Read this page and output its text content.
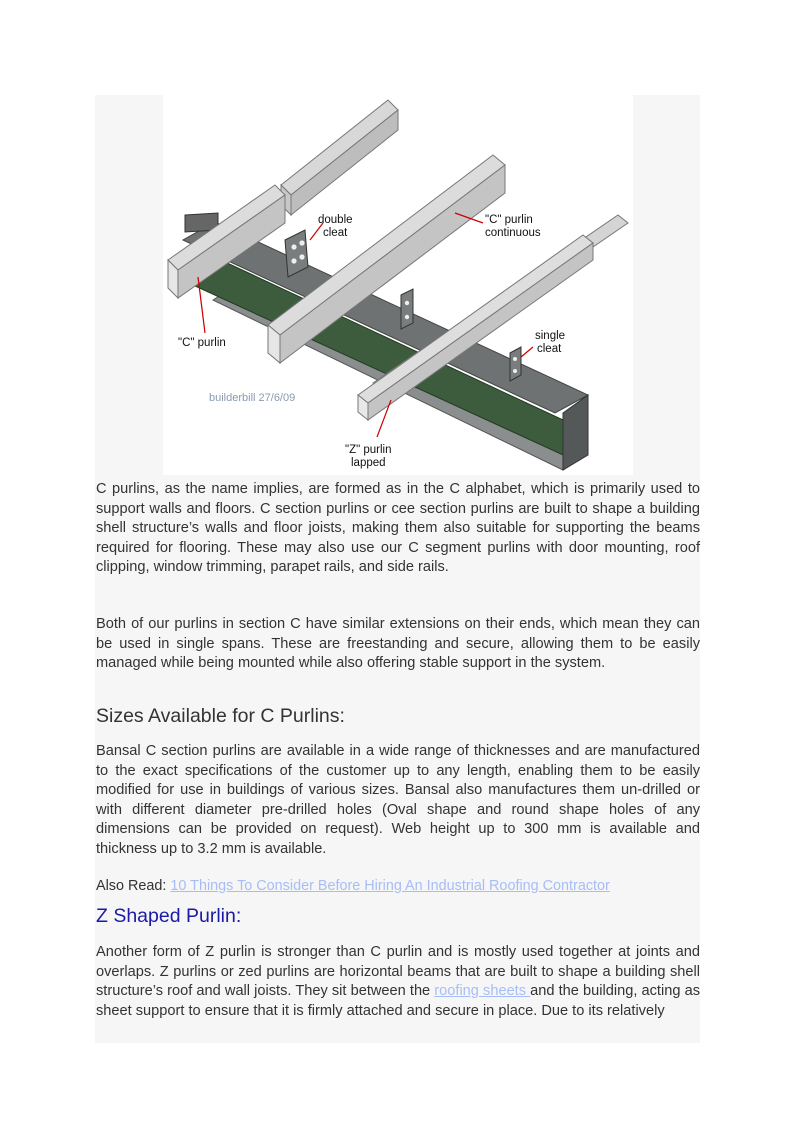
double
cleat
"C" purlin
continuous
"C" purlin
single
cleat
builderbill 27/6/09
"Z" purlin
lapped

C purlins, as the name implies, are formed as in the C alphabet, which is primarily used to support walls and floors. C section purlins or cee section purlins are built to shape a building shell structure’s walls and floor joists, making them also suitable for supporting the beams required for flooring. These may also use our C segment purlins with door mounting, roof clipping, window trimming, parapet rails, and side rails.

Both of our purlins in section C have similar extensions on their ends, which mean they can be used in single spans. These are freestanding and secure, allowing them to be easily managed while being mounted while also offering stable support in the system.

Sizes Available for C Purlins:

Bansal C section purlins are available in a wide range of thicknesses and are manufactured to the exact specifications of the customer up to any length, enabling them to be easily modified for use in buildings of various sizes. Bansal also manufactures them un-drilled or with different diameter pre-drilled holes (Oval shape and round shape holes of any dimensions can be provided on request). Web height up to 300 mm is available and thickness up to 3.2 mm is available.

Also Read: 10 Things To Consider Before Hiring An Industrial Roofing Contractor
Z Shaped Purlin:

Another form of Z purlin is stronger than C purlin and is mostly used together at joints and overlaps. Z purlins or zed purlins are horizontal beams that are built to shape a building shell structure’s roof and wall joists. They sit between the roofing sheets and the building, acting as sheet support to ensure that it is firmly attached and secure in place. Due to its relatively
